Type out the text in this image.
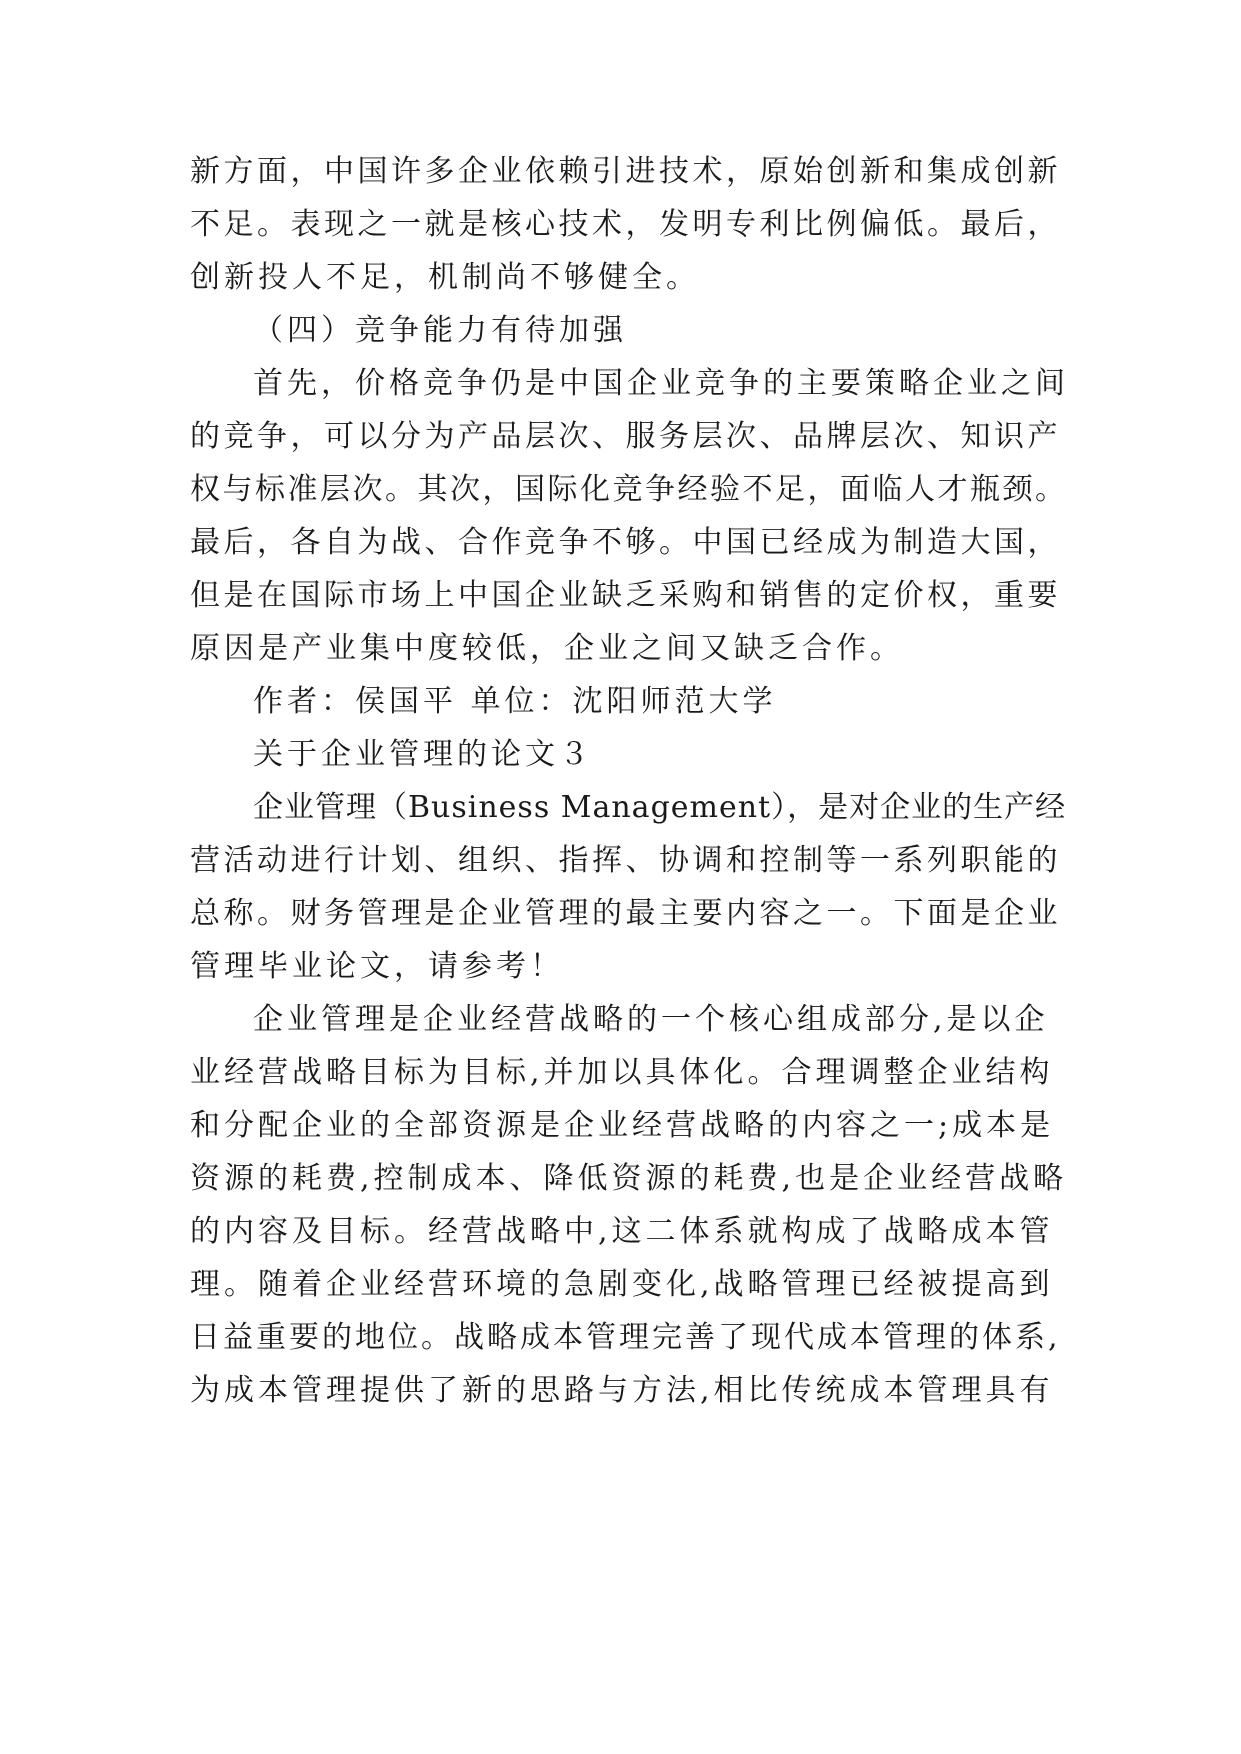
新方面，中国许多企业依赖引进技术，原始创新和集成创新
不足。表现之一就是核心技术，发明专利比例偏低。最后，
创新投人不足，机制尚不够健全。
（四）竞争能力有待加强
首先，价格竞争仍是中国企业竞争的主要策略企业之间
的竞争，可以分为产品层次、服务层次、品牌层次、知识产
权与标准层次。其次，国际化竞争经验不足，面临人才瓶颈。
最后，各自为战、合作竞争不够。中国已经成为制造大国，
但是在国际市场上中国企业缺乏采购和销售的定价权，重要
原因是产业集中度较低，企业之间又缺乏合作。
作者：侯国平 单位：沈阳师范大学
关于企业管理的论文３
企业管理（Business Management），是对企业的生产经
营活动进行计划、组织、指挥、协调和控制等一系列职能的
总称。财务管理是企业管理的最主要内容之一。下面是企业
管理毕业论文，请参考！
企业管理是企业经营战略的一个核心组成部分,是以企
业经营战略目标为目标,并加以具体化。合理调整企业结构
和分配企业的全部资源是企业经营战略的内容之一;成本是
资源的耗费,控制成本、降低资源的耗费,也是企业经营战略
的内容及目标。经营战略中,这二体系就构成了战略成本管
理。随着企业经营环境的急剧变化,战略管理已经被提高到
日益重要的地位。战略成本管理完善了现代成本管理的体系,
为成本管理提供了新的思路与方法,相比传统成本管理具有
